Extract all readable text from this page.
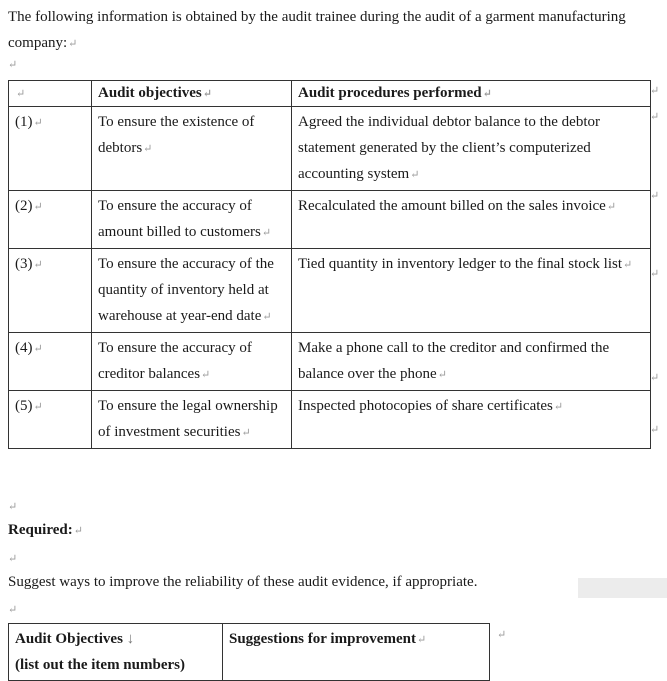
The following information is obtained by the audit trainee during the audit of a garment manufacturing company:↵
↵
↵	Audit objectives↵	Audit procedures performed↵
(1)↵	To ensure the existence of debtors↵	Agreed the individual debtor balance to the debtor statement generated by the client’s computerized accounting system↵
(2)↵	To ensure the accuracy of amount billed to customers↵	Recalculated the amount billed on the sales invoice↵
(3)↵	To ensure the accuracy of the quantity of inventory held at warehouse at year-end date↵	Tied quantity in inventory ledger to the final stock list↵
(4)↵	To ensure the accuracy of creditor balances↵	Make a phone call to the creditor and confirmed the balance over the phone↵
(5)↵	To ensure the legal ownership of investment securities↵	Inspected photocopies of share certificates↵
↵
↵
↵
↵
↵
↵
↵
Required:↵
↵
Suggest ways to improve the reliability of these audit evidence, if appropriate.
↵
Audit Objectives ↓
(list out the item numbers)	Suggestions for improvement↵	↵
